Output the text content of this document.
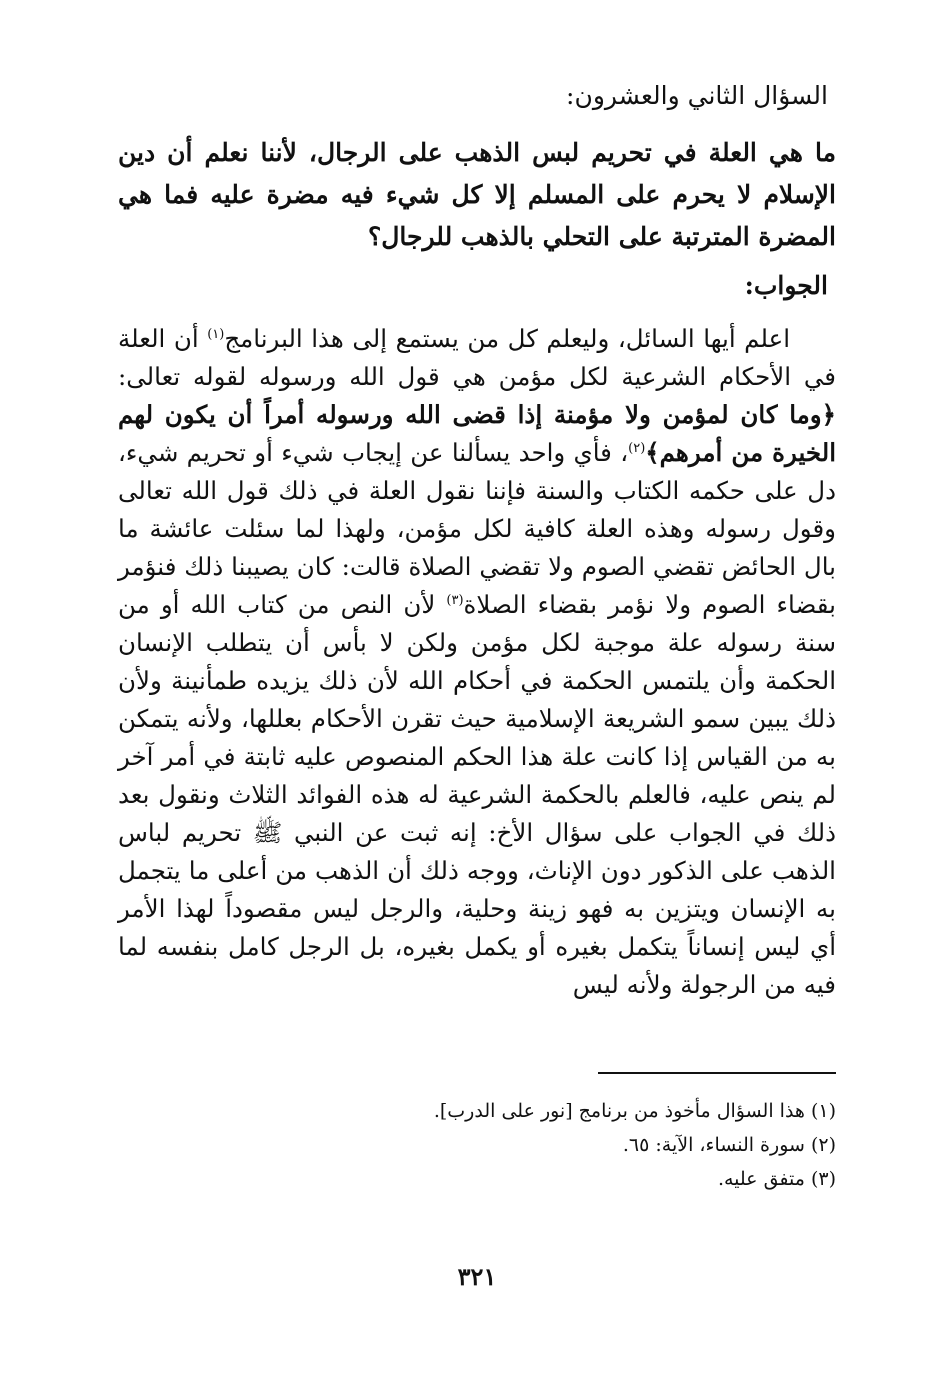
السؤال الثاني والعشرون:

ما هي العلة في تحريم لبس الذهب على الرجال، لأننا نعلم أن دين الإسلام لا يحرم على المسلم إلا كل شيء فيه مضرة عليه فما هي المضرة المترتبة على التحلي بالذهب للرجال؟

الجواب:

اعلم أيها السائل، وليعلم كل من يستمع إلى هذا البرنامج$^{(١)}$ أن العلة في الأحكام الشرعية لكل مؤمن هي قول الله ورسوله لقوله تعالى: ﴿وما كان لمؤمن ولا مؤمنة إذا قضى الله ورسوله أمراً أن يكون لهم الخيرة من أمرهم﴾$^{(٢)}$، فأي واحد يسألنا عن إيجاب شيء أو تحريم شيء، دل على حكمه الكتاب والسنة فإننا نقول العلة في ذلك قول الله تعالى وقول رسوله وهذه العلة كافية لكل مؤمن، ولهذا لما سئلت عائشة ما بال الحائض تقضي الصوم ولا تقضي الصلاة قالت: كان يصيبنا ذلك فنؤمر بقضاء الصوم ولا نؤمر بقضاء الصلاة$^{(٣)}$ لأن النص من كتاب الله أو من سنة رسوله علة موجبة لكل مؤمن ولكن لا بأس أن يتطلب الإنسان الحكمة وأن يلتمس الحكمة في أحكام الله لأن ذلك يزيده طمأنينة ولأن ذلك يبين سمو الشريعة الإسلامية حيث تقرن الأحكام بعللها، ولأنه يتمكن به من القياس إذا كانت علة هذا الحكم المنصوص عليه ثابتة في أمر آخر لم ينص عليه، فالعلم بالحكمة الشرعية له هذه الفوائد الثلاث ونقول بعد ذلك في الجواب على سؤال الأخ: إنه ثبت عن النبي ﷺ تحريم لباس الذهب على الذكور دون الإناث، ووجه ذلك أن الذهب من أعلى ما يتجمل به الإنسان ويتزين به فهو زينة وحلية، والرجل ليس مقصوداً لهذا الأمر أي ليس إنساناً يتكمل بغيره أو يكمل بغيره، بل الرجل كامل بنفسه لما فيه من الرجولة ولأنه ليس

(١)هذا السؤال مأخوذ من برنامج [نور على الدرب].
(٢)سورة النساء، الآية: ٦٥.
(٣)متفق عليه.
٣٢١
